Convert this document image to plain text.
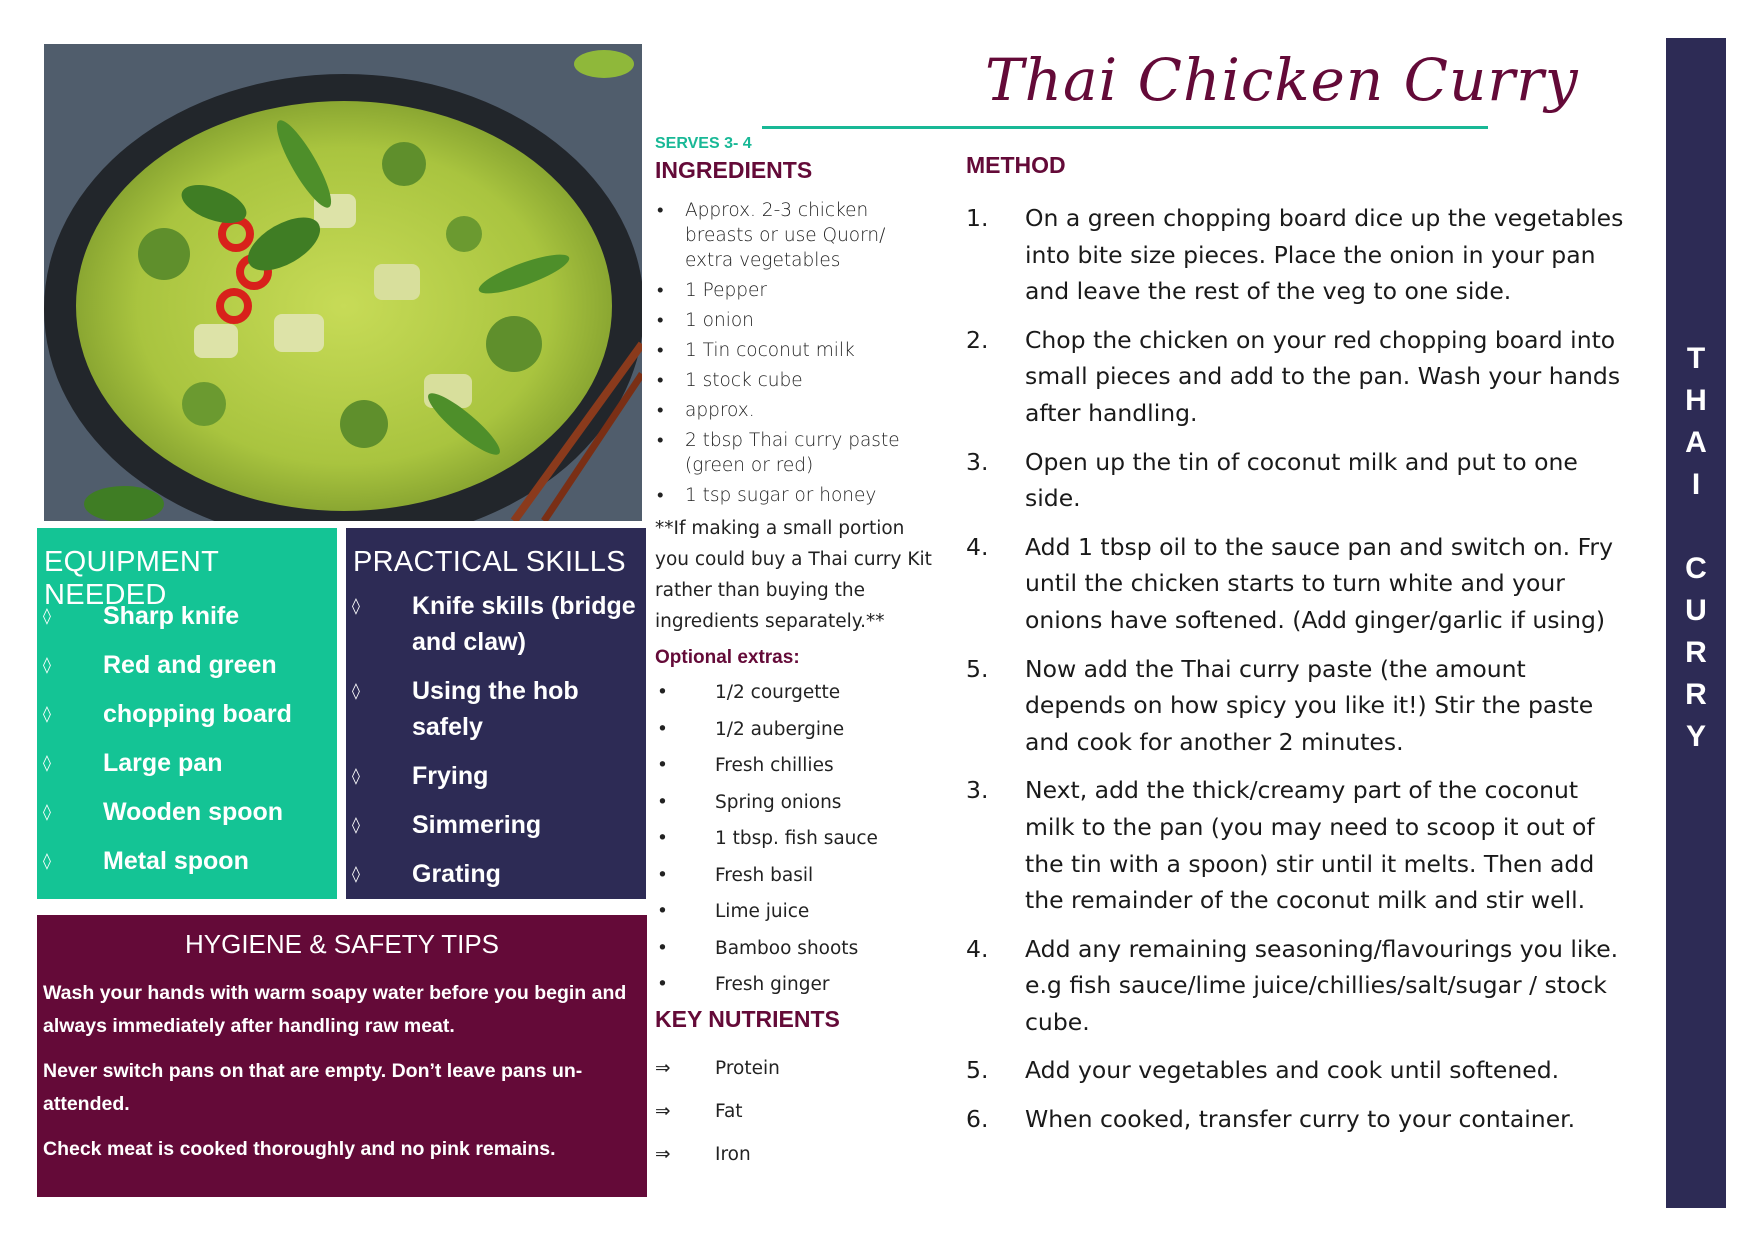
EQUIPMENT NEEDED
◊ Sharp knife
◊ Red and green
◊ chopping board
◊ Large pan
◊ Wooden spoon
◊ Metal spoon
PRACTICAL SKILLS
◊ Knife skills (bridge and claw)
◊ Using the hob safely
◊ Frying
◊ Simmering
◊ Grating
HYGIENE & SAFETY TIPS

Wash your hands with warm soapy water before you begin and always immediately after handling raw meat.

Never switch pans on that are empty. Don’t leave pans un-attended.

Check meat is cooked thoroughly and no pink remains.

SERVES 3- 4
INGREDIENTS
• Approx. 2-3 chicken breasts or use Quorn/ extra vegetables
• 1 Pepper
• 1 onion
• 1 Tin coconut milk
• 1 stock cube
• approx.
• 2 tbsp Thai curry paste (green or red)
• 1 tsp sugar or honey
**If making a small portion you could buy a Thai curry Kit rather than buying the ingredients separately.**
Optional extras:
•	1/2 courgette
•	1/2 aubergine
•	Fresh chillies
•	Spring onions
•	1 tbsp. fish sauce
•	Fresh basil
•	Lime juice
•	Bamboo shoots
•	Fresh ginger
KEY NUTRIENTS
⇒ Protein
⇒ Fat
⇒ Iron
Thai Chicken Curry
METHOD
1. On a green chopping board dice up the vegetables into bite size pieces. Place the onion in your pan and leave the rest of the veg to one side.
2. Chop the chicken on your red chopping board into small pieces and add to the pan. Wash your hands after handling.
3. Open up the tin of coconut milk and put to one side.
4. Add 1 tbsp oil to the sauce pan and switch on. Fry until the chicken starts to turn white and your onions have softened. (Add ginger/garlic if using)
5. Now add the Thai curry paste (the amount depends on how spicy you like it!) Stir the paste and cook for another 2 minutes.
3. Next, add the thick/creamy part of the coconut milk to the pan (you may need to scoop it out of the tin with a spoon) stir until it melts. Then add the remainder of the coconut milk and stir well.
4. Add any remaining seasoning/flavourings you like. e.g fish sauce/lime juice/chillies/salt/sugar / stock cube.
5. Add your vegetables and cook until softened.
6. When cooked, transfer curry to your container.
T
H
A
I
C
U
R
R
Y
